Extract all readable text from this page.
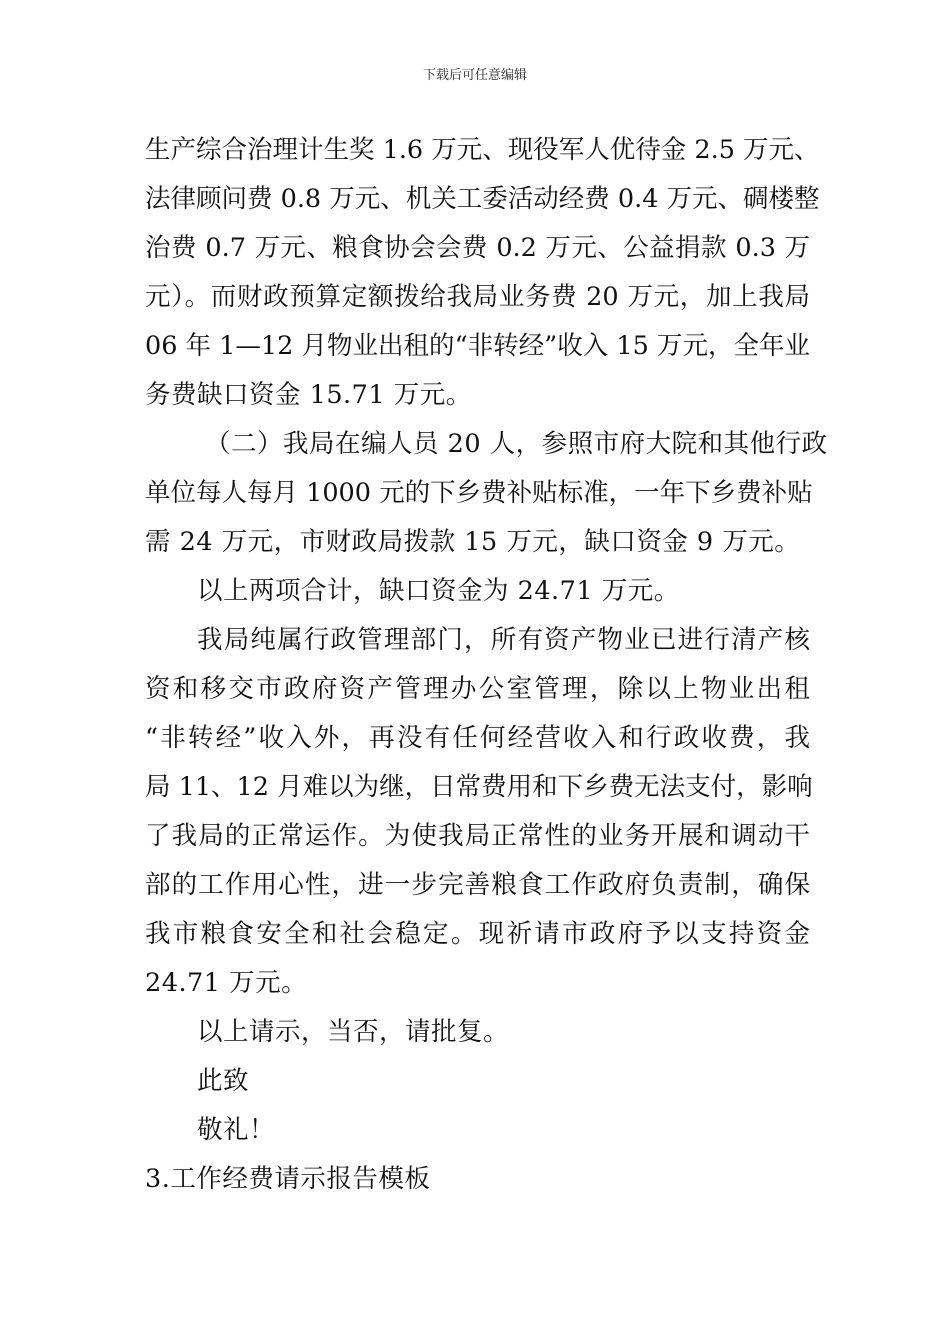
下载后可任意编辑
生产综合治理计生奖 1.6 万元、现役军人优待金 2.5 万元、
法律顾问费 0.8 万元、机关工委活动经费 0.4 万元、碉楼整
治费 0.7 万元、粮食协会会费 0.2 万元、公益捐款 0.3 万
元）。而财政预算定额拨给我局业务费 20 万元，加上我局
06 年 1—12 月物业出租的“非转经”收入 15 万元，全年业
务费缺口资金 15.71 万元。
（二）我局在编人员 20 人，参照市府大院和其他行政
单位每人每月 1000 元的下乡费补贴标准，一年下乡费补贴
需 24 万元，市财政局拨款 15 万元，缺口资金 9 万元。
以上两项合计，缺口资金为 24.71 万元。
我局纯属行政管理部门，所有资产物业已进行清产核
资和移交市政府资产管理办公室管理，除以上物业出租
“非转经”收入外，再没有任何经营收入和行政收费，我
局 11、12 月难以为继，日常费用和下乡费无法支付，影响
了我局的正常运作。为使我局正常性的业务开展和调动干
部的工作用心性，进一步完善粮食工作政府负责制，确保
我市粮食安全和社会稳定。现祈请市政府予以支持资金
24.71 万元。
以上请示，当否，请批复。
此致
敬礼！
3.工作经费请示报告模板
